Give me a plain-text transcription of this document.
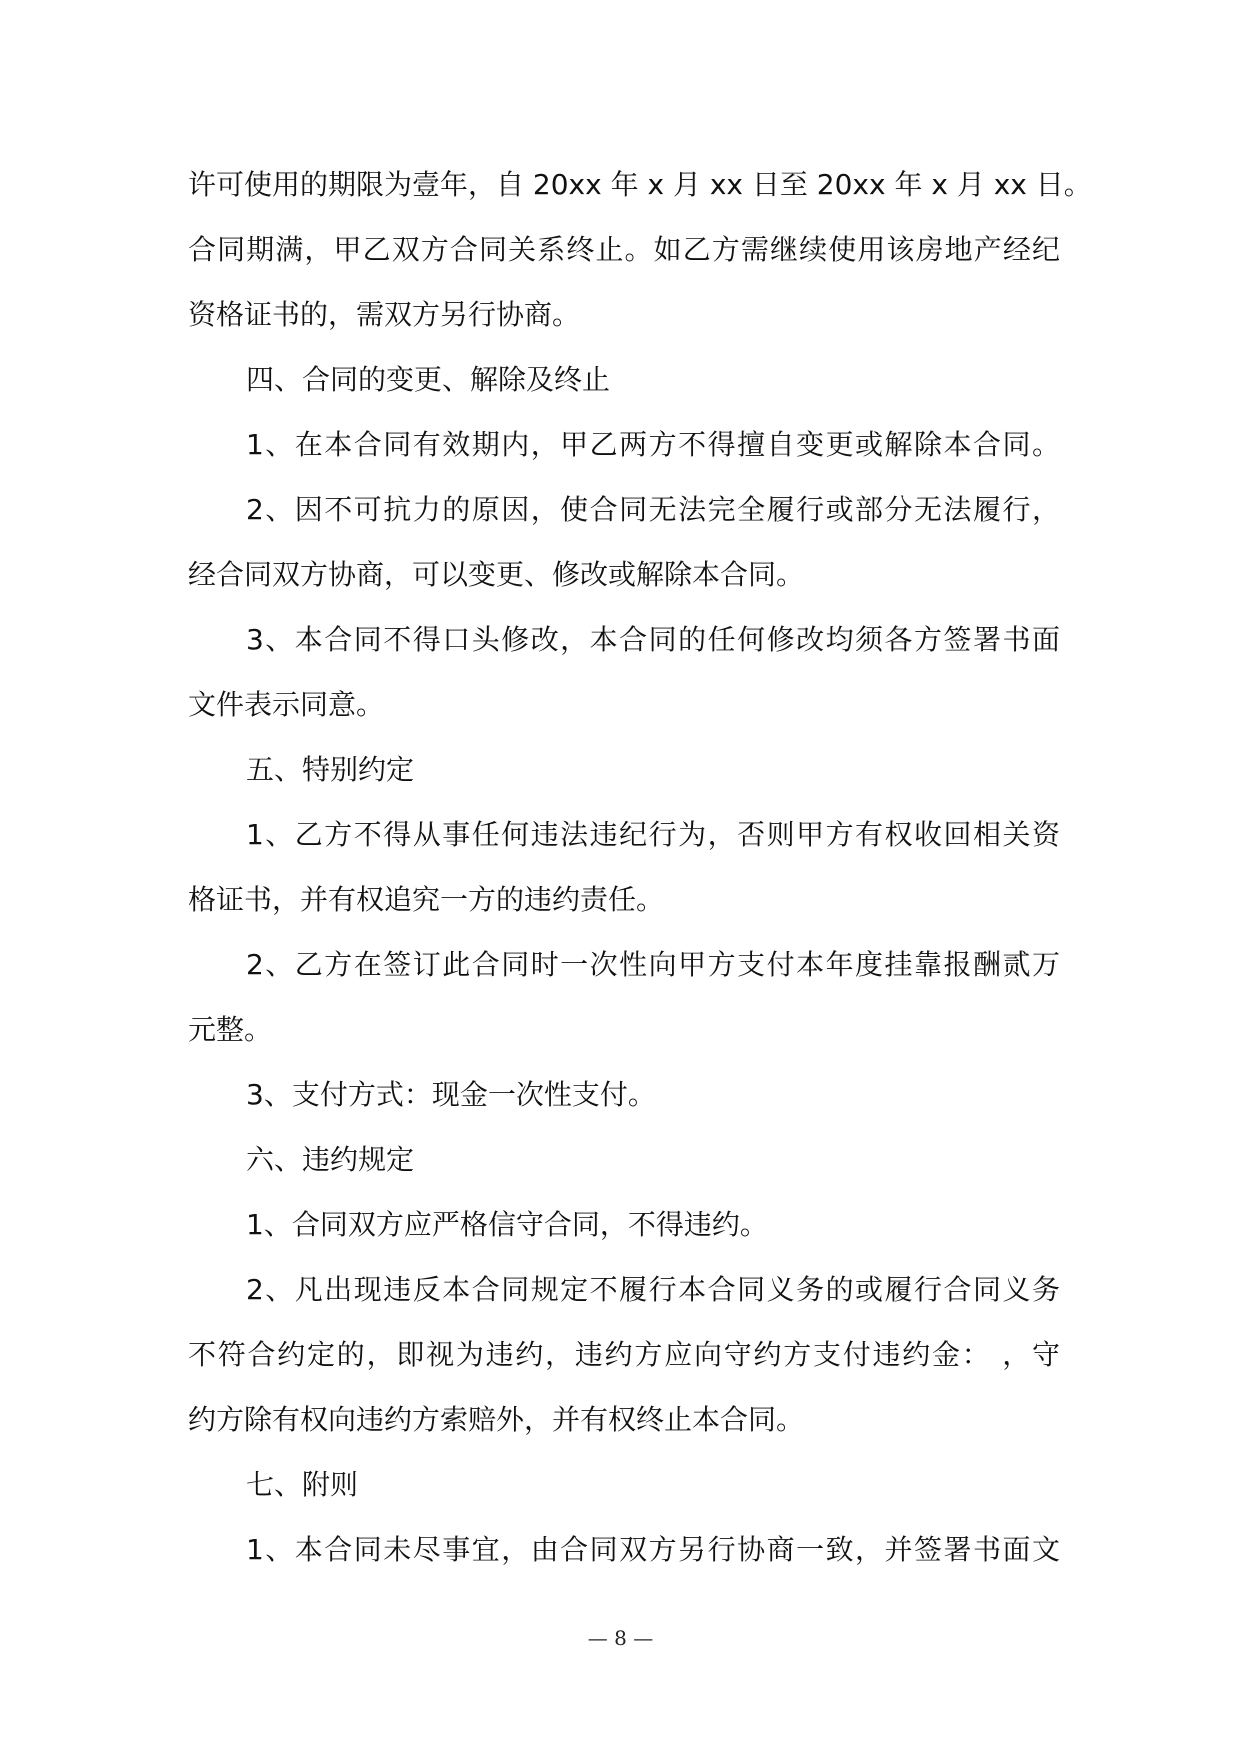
许可使用的期限为壹年，自 20xx 年 x 月 xx 日至 20xx 年 x 月 xx 日。
合同期满，甲乙双方合同关系终止。如乙方需继续使用该房地产经纪
资格证书的，需双方另行协商。
四、合同的变更、解除及终止
1、在本合同有效期内，甲乙两方不得擅自变更或解除本合同。
2、因不可抗力的原因，使合同无法完全履行或部分无法履行，
经合同双方协商，可以变更、修改或解除本合同。
3、本合同不得口头修改，本合同的任何修改均须各方签署书面
文件表示同意。
五、特别约定
1、乙方不得从事任何违法违纪行为，否则甲方有权收回相关资
格证书，并有权追究一方的违约责任。
2、乙方在签订此合同时一次性向甲方支付本年度挂靠报酬贰万
元整。
3、支付方式：现金一次性支付。
六、违约规定
1、合同双方应严格信守合同，不得违约。
2、凡出现违反本合同规定不履行本合同义务的或履行合同义务
不符合约定的，即视为违约，违约方应向守约方支付违约金： ，守
约方除有权向违约方索赔外，并有权终止本合同。
七、附则
1、本合同未尽事宜，由合同双方另行协商一致，并签署书面文
— 8 —
